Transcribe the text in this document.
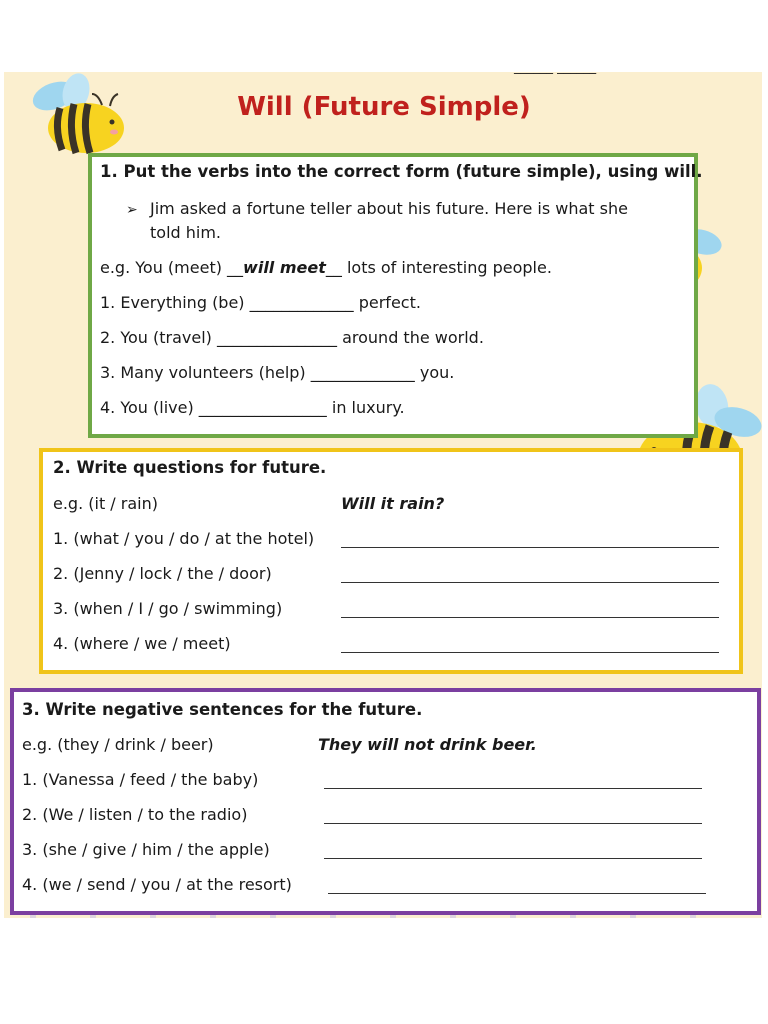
______ ______
Will (Future Simple)
1. Put the verbs into the correct form (future simple), using will.
➢ Jim asked a fortune teller about his future. Here is what she
told him.
e.g. You (meet) __will meet__ lots of interesting people.
1. Everything (be) _____________ perfect.
2. You (travel) _______________ around the world.
3. Many volunteers (help) _____________ you.
4. You (live) ________________ in luxury.
2. Write questions for future.
e.g. (it / rain)	Will it rain?
1. (what / you / do / at the hotel)
2. (Jenny / lock / the / door)
3. (when / I / go / swimming)
4. (where / we / meet)
3. Write negative sentences for the future.
e.g. (they / drink / beer)	They will not drink beer.
1. (Vanessa / feed / the baby)
2. (We / listen / to the radio)
3. (she / give / him / the apple)
4. (we / send / you / at the resort)
